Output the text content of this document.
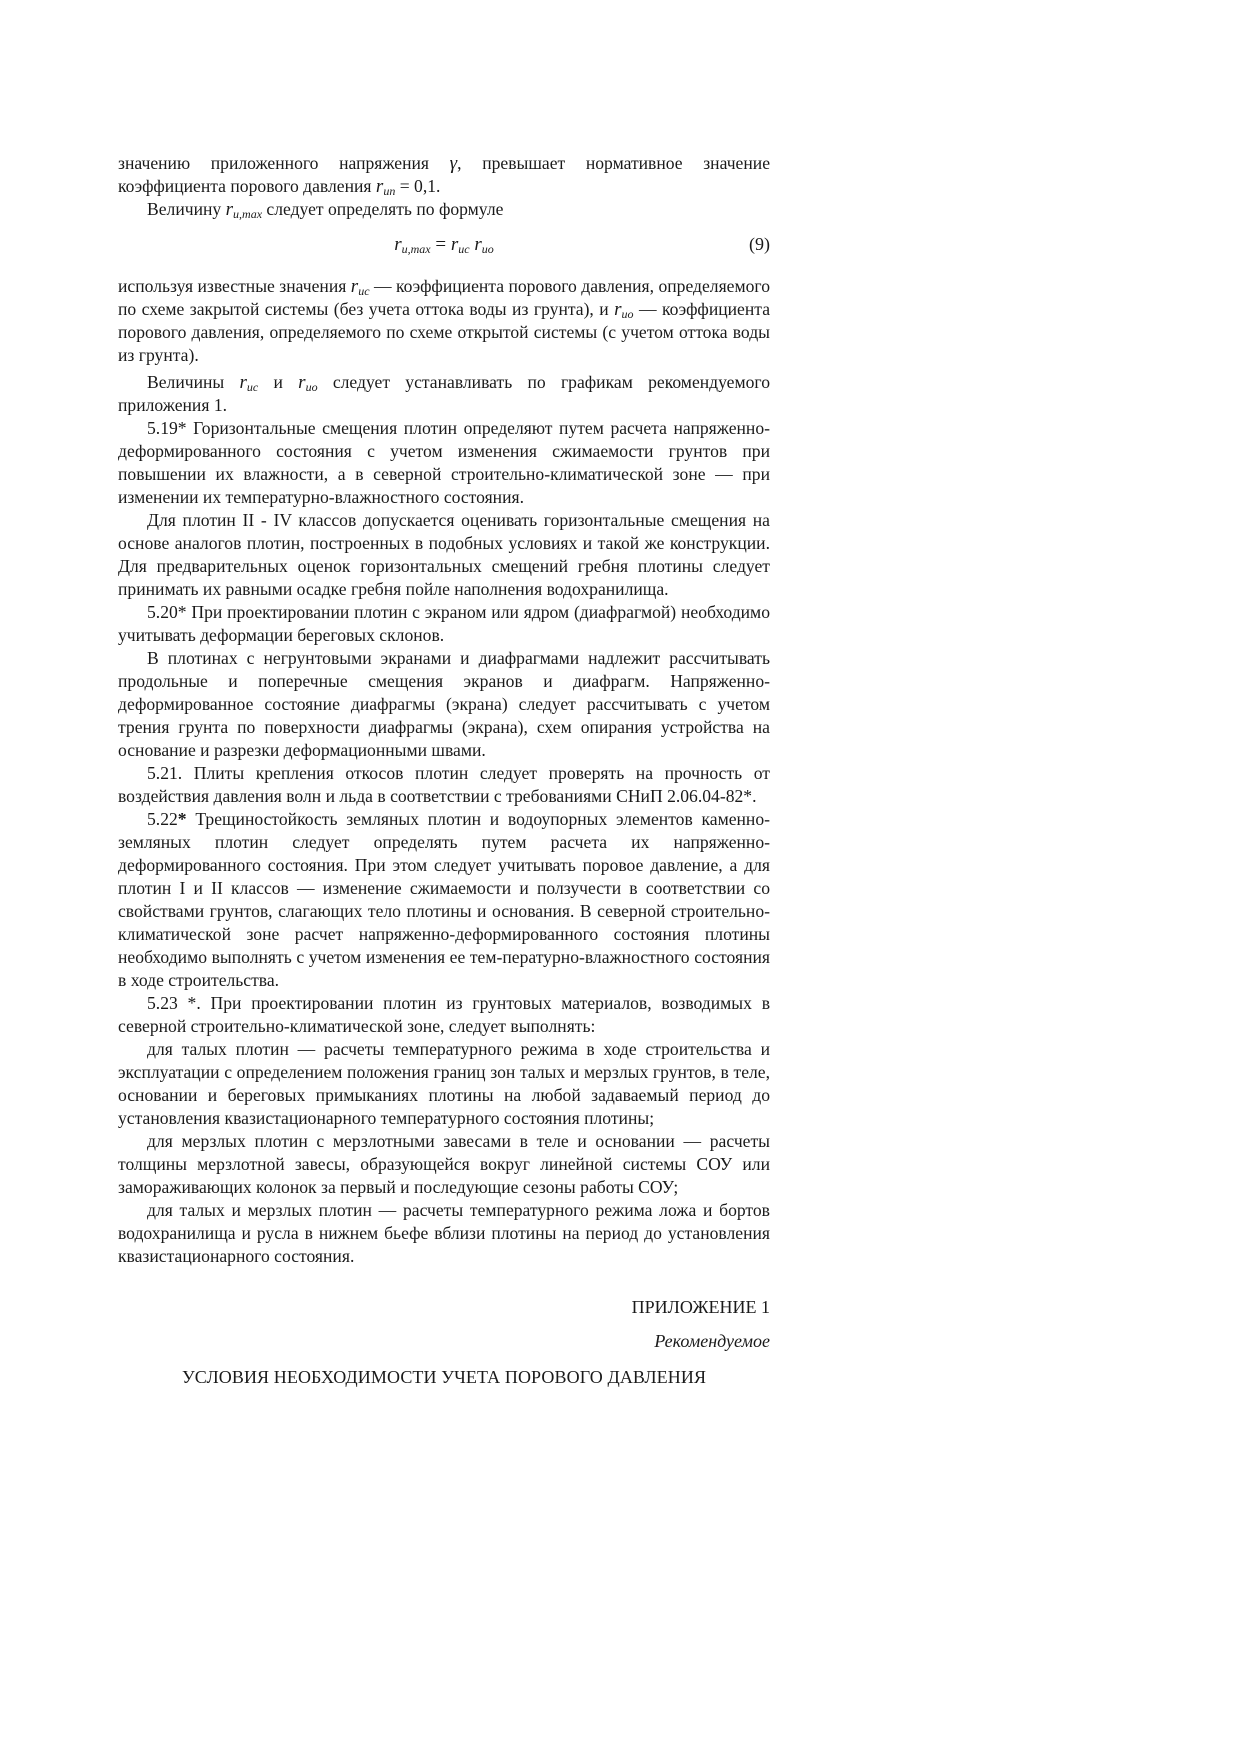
значению приложенного напряжения γ, превышает нормативное значение коэффициента порового давления $r_{un} = 0,1$.

Величину $r_{u,max}$ следует определять по формуле

$r_{u,max} = r_{uc}$ $r_{uo}$	(9)

используя известные значения $r_{uc}$ — коэффициента порового давления, определяемого по схеме закрытой системы (без учета оттока воды из грунта), и $r_{uo}$ — коэффициента порового давления, определяемого по схеме открытой системы (с учетом оттока воды из грунта).

Величины $r_{uc}$ и $r_{uo}$ следует устанавливать по графикам рекомендуемого приложения 1.

5.19* Горизонтальные смещения плотин определяют путем расчета напряженно-деформированного состояния с учетом изменения сжимаемости грунтов при повышении их влажности, а в северной строительно-климатической зоне — при изменении их температурно-влажностного состояния.

Для плотин II - IV классов допускается оценивать горизонтальные смещения на основе аналогов плотин, построенных в подобных условиях и такой же конструкции. Для предварительных оценок горизонтальных смещений гребня плотины следует принимать их равными осадке гребня пойле наполнения водохранилища.

5.20* При проектировании плотин с экраном или ядром (диафрагмой) необходимо учитывать деформации береговых склонов.

В плотинах с негрунтовыми экранами и диафрагмами надлежит рассчитывать продольные и поперечные смещения экранов и диафрагм. Напряженно-деформированное состояние диафрагмы (экрана) следует рассчитывать с учетом трения грунта по поверхности диафрагмы (экрана), схем опирания устройства на основание и разрезки деформационными швами.

5.21. Плиты крепления откосов плотин следует проверять на прочность от воздействия давления волн и льда в соответствии с требованиями СНиП 2.06.04-82*.

5.22* Трещиностойкость земляных плотин и водоупорных элементов каменно-земляных плотин следует определять путем расчета их напряженно-деформированного состояния. При этом следует учитывать поровое давление, а для плотин I и II классов — изменение сжимаемости и ползучести в соответствии со свойствами грунтов, слагающих тело плотины и основания. В северной строительно-климатической зоне расчет напряженно-деформированного состояния плотины необходимо выполнять с учетом изменения ее тем-пературно-влажностного состояния в ходе строительства.

5.23 *. При проектировании плотин из грунтовых материалов, возводимых в северной строительно-климатической зоне, следует выполнять:

для талых плотин — расчеты температурного режима в ходе строительства и эксплуатации с определением положения границ зон талых и мерзлых грунтов, в теле, основании и береговых примыканиях плотины на любой задаваемый период до установления квазистационарного температурного состояния плотины;

для мерзлых плотин с мерзлотными завесами в теле и основании — расчеты толщины мерзлотной завесы, образующейся вокруг линейной системы СОУ или замораживающих колонок за первый и последующие сезоны работы СОУ;

для талых и мерзлых плотин — расчеты температурного режима ложа и бортов водохранилища и русла в нижнем бьефе вблизи плотины на период до установления квазистационарного состояния.

ПРИЛОЖЕНИЕ 1
Рекомендуемое
УСЛОВИЯ НЕОБХОДИМОСТИ УЧЕТА ПОРОВОГО ДАВЛЕНИЯ
